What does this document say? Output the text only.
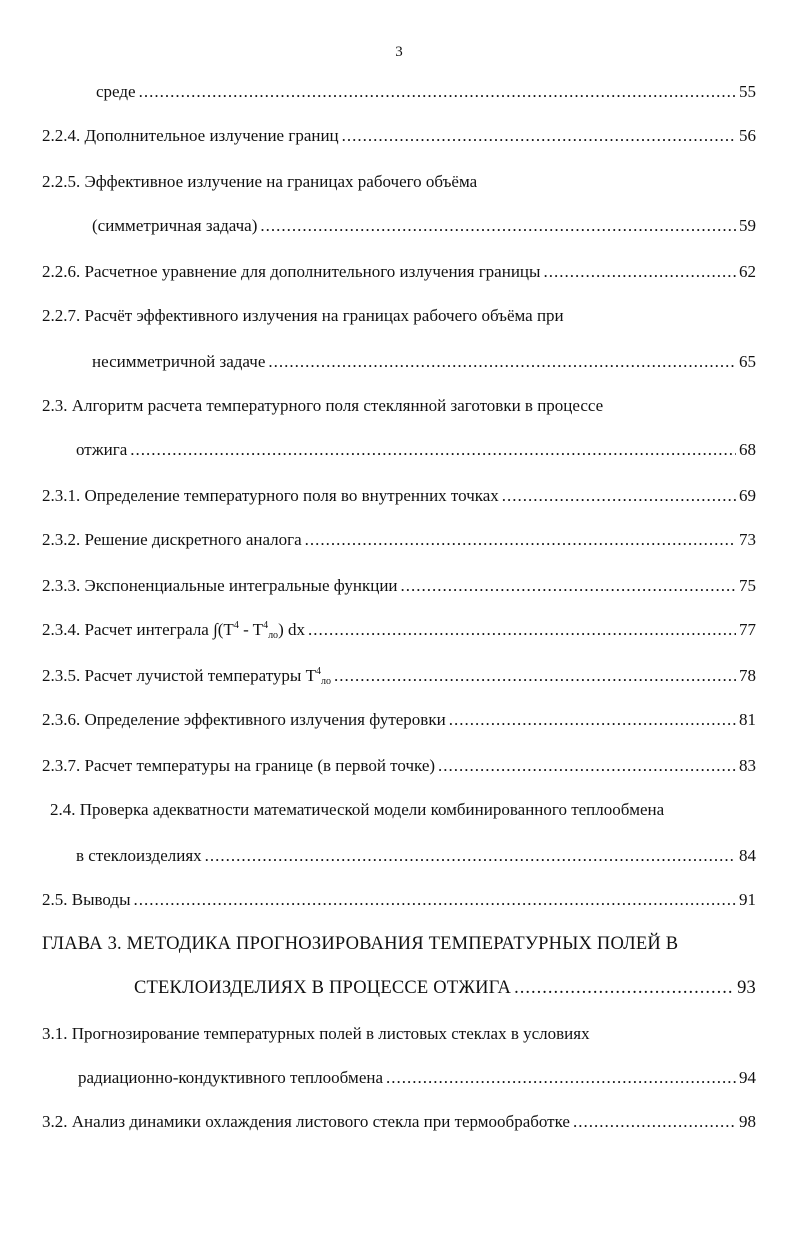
3
среде .....	55
2.2.4. Дополнительное излучение границ .....	56
2.2.5. Эффективное излучение на границах рабочего объёма
(симметричная задача) .....	59
2.2.6. Расчетное уравнение для дополнительного излучения границы .....	62
2.2.7. Расчёт эффективного излучения на границах рабочего объёма при
несимметричной задаче .....	65
2.3. Алгоритм расчета температурного поля стеклянной заготовки в процессе
отжига .....	68
2.3.1. Определение температурного поля во внутренних точках .....	69
2.3.2. Решение дискретного аналога .....	73
2.3.3. Экспоненциальные интегральные функции .....	75
2.3.4. Расчет интеграла $\int(T^4 - T^4_{ло})$ dx .....	77
2.3.5. Расчет лучистой температуры $T^4_{ло}$ .....	78
2.3.6. Определение эффективного излучения футеровки .....	81
2.3.7. Расчет температуры на границе (в первой точке) .....	83
2.4. Проверка адекватности математической модели комбинированного теплообмена
в стеклоизделиях .....	84
2.5. Выводы .....	91
ГЛАВА 3. МЕТОДИКА ПРОГНОЗИРОВАНИЯ ТЕМПЕРАТУРНЫХ ПОЛЕЙ В
СТЕКЛОИЗДЕЛИЯХ В ПРОЦЕССЕ ОТЖИГА .....	93
3.1. Прогнозирование температурных полей в листовых стеклах в условиях
радиационно-кондуктивного теплообмена .....	94
3.2. Анализ динамики охлаждения листового стекла при термообработке .....	98
